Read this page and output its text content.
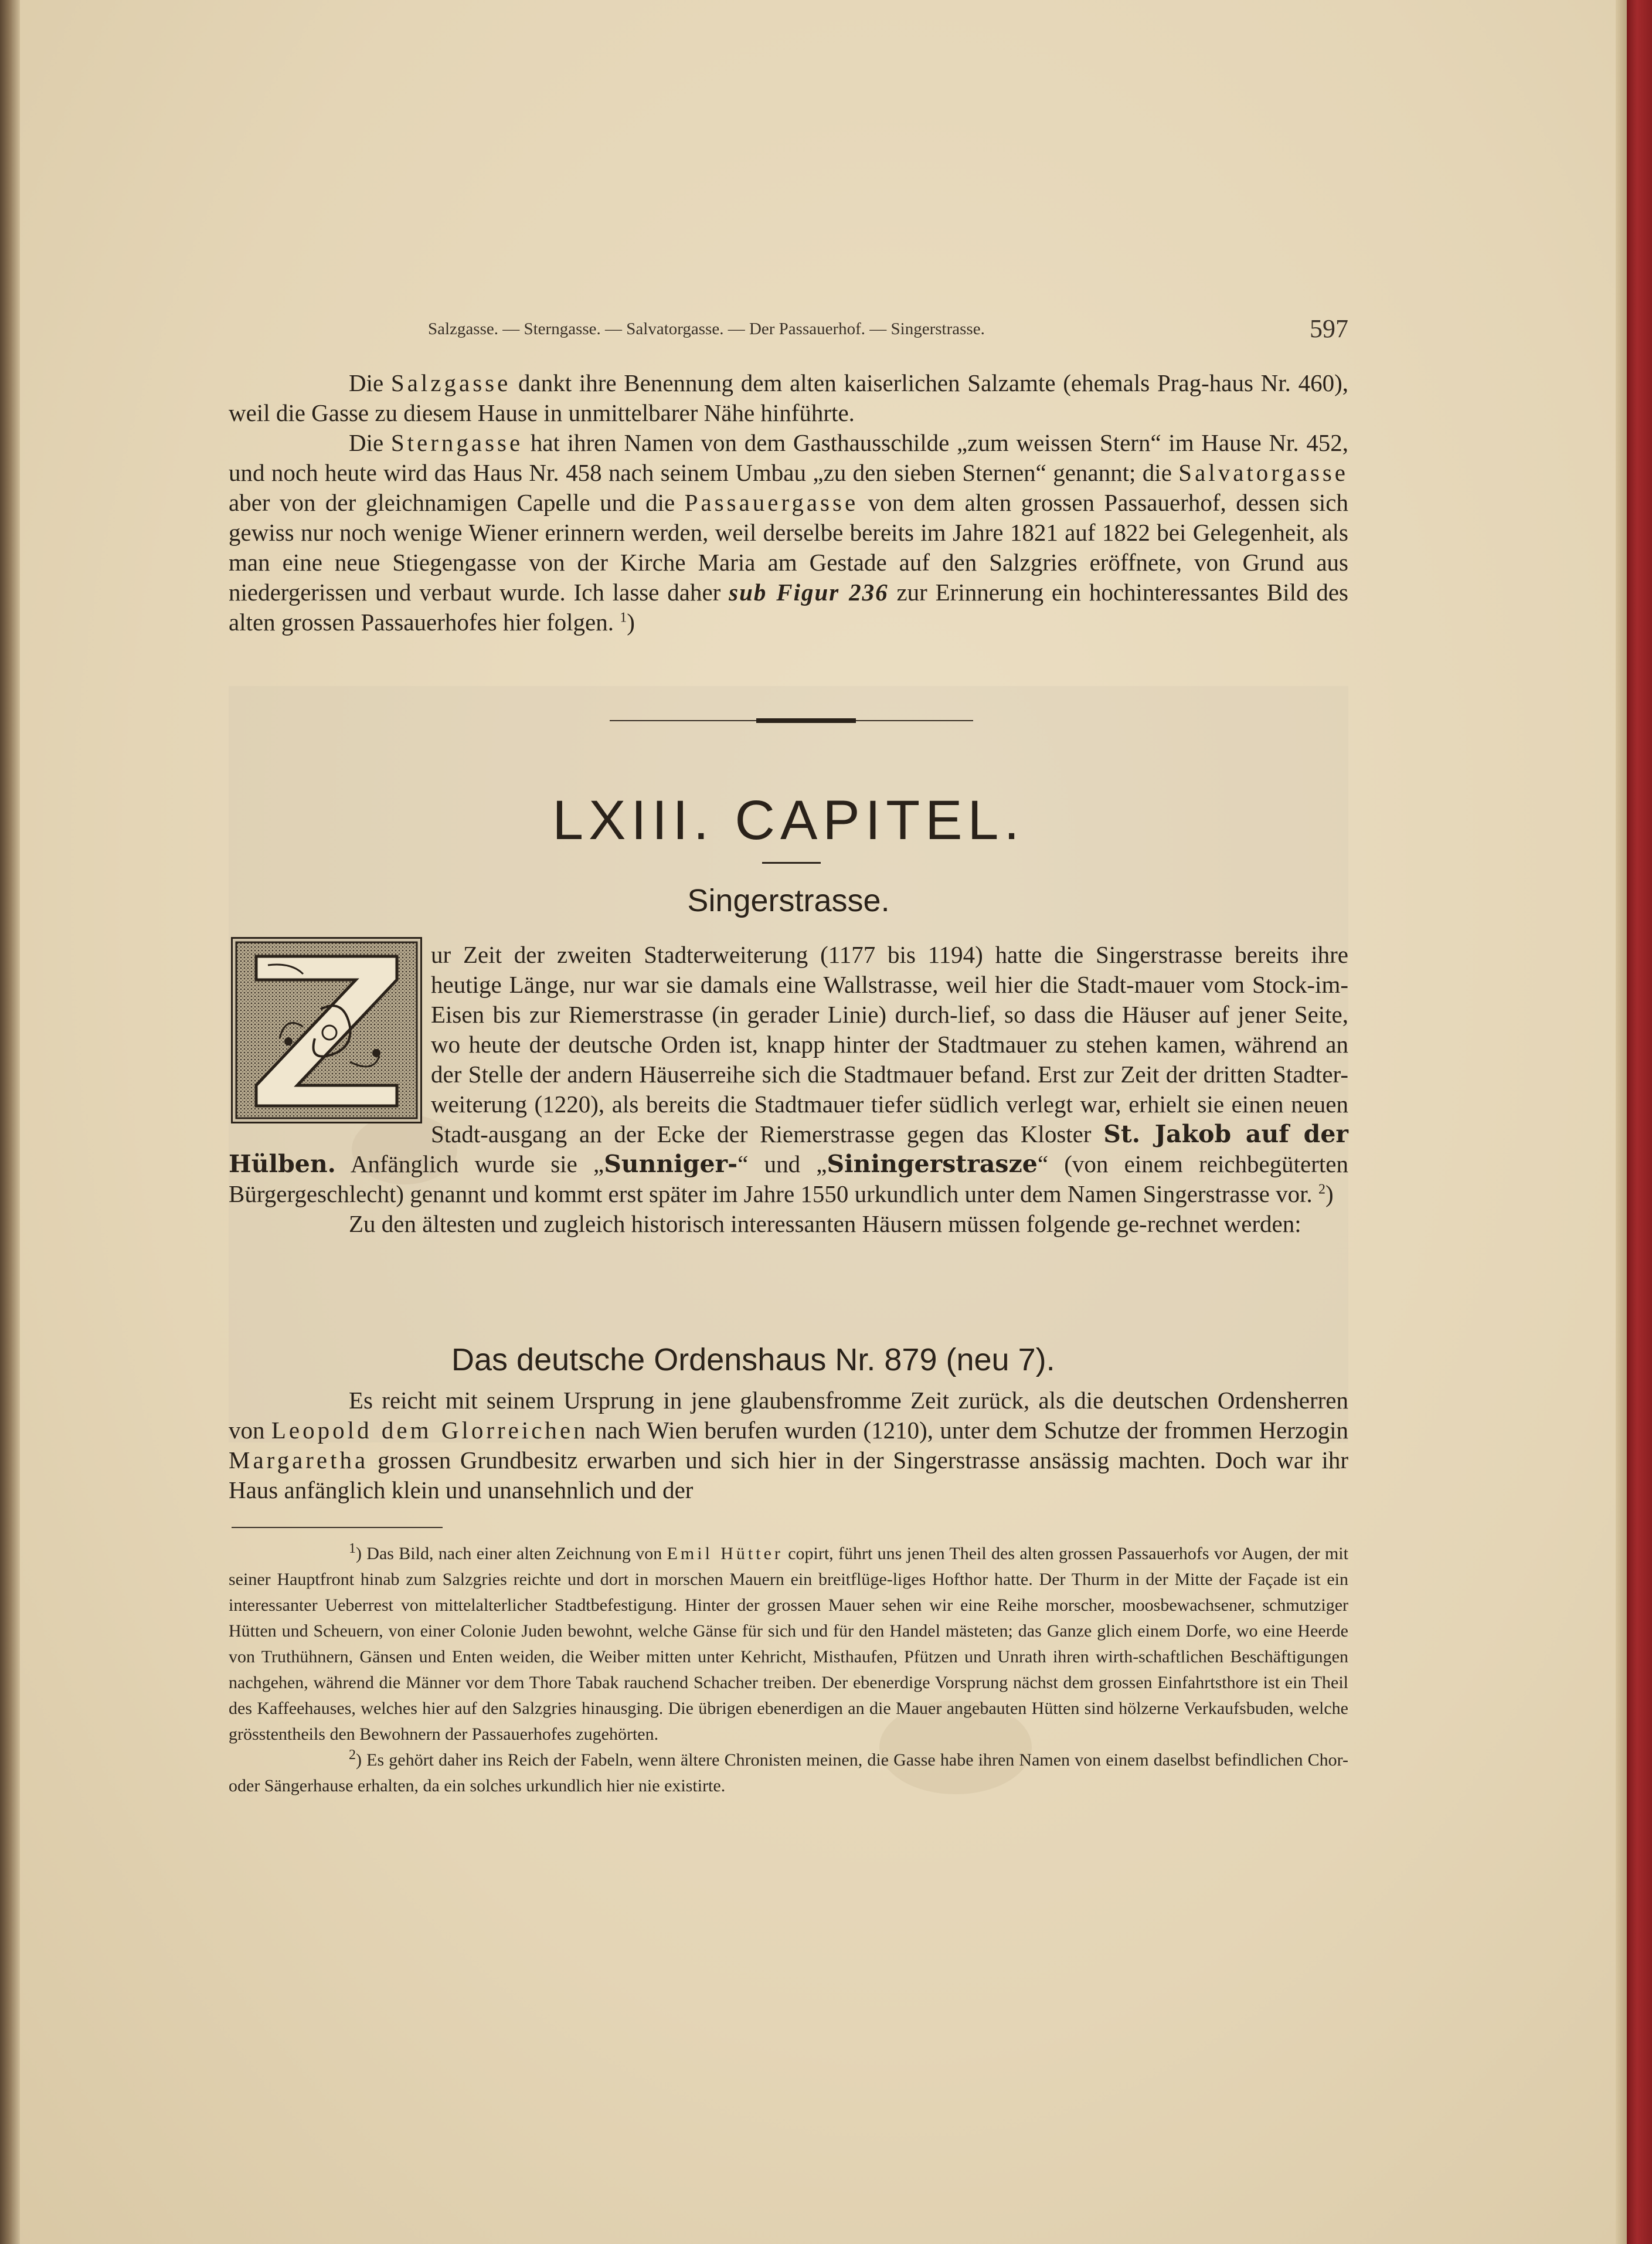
Salzgasse. — Sterngasse. — Salvatorgasse. — Der Passauerhof. — Singerstrasse.	597

Die Salzgasse dankt ihre Benennung dem alten kaiserlichen Salzamte (ehemals Prag-haus Nr. 460), weil die Gasse zu diesem Hause in unmittelbarer Nähe hinführte.

Die Sterngasse hat ihren Namen von dem Gasthausschilde „zum weissen Stern“ im Hause Nr. 452, und noch heute wird das Haus Nr. 458 nach seinem Umbau „zu den sieben Sternen“ genannt; die Salvatorgasse aber von der gleichnamigen Capelle und die Passauergasse von dem alten grossen Passauerhof, dessen sich gewiss nur noch wenige Wiener erinnern werden, weil derselbe bereits im Jahre 1821 auf 1822 bei Gelegenheit, als man eine neue Stiegengasse von der Kirche Maria am Gestade auf den Salzgries eröffnete, von Grund aus niedergerissen und verbaut wurde. Ich lasse daher sub Figur 236 zur Erinnerung ein hochinteressantes Bild des alten grossen Passauerhofes hier folgen. $^1$)

LXIII. CAPITEL.
Singerstrasse.

ur Zeit der zweiten Stadterweiterung (1177 bis 1194) hatte die Singerstrasse bereits ihre heutige Länge, nur war sie damals eine Wallstrasse, weil hier die Stadt-mauer vom Stock-im-Eisen bis zur Riemerstrasse (in gerader Linie) durch-lief, so dass die Häuser auf jener Seite, wo heute der deutsche Orden ist, knapp hinter der Stadtmauer zu stehen kamen, während an der Stelle der andern Häuserreihe sich die Stadtmauer befand. Erst zur Zeit der dritten Stadter-weiterung (1220), als bereits die Stadtmauer tiefer südlich verlegt war, erhielt sie einen neuen Stadt-ausgang an der Ecke der Riemerstrasse gegen das Kloster St. Jakob auf der Hülben. Anfänglich wurde sie „Sunniger-“ und „Siningerstrasze“ (von einem reichbegüterten Bürgergeschlecht) genannt und kommt erst später im Jahre 1550 urkundlich unter dem Namen Singerstrasse vor. $^2$)

Zu den ältesten und zugleich historisch interessanten Häusern müssen folgende ge-rechnet werden:

Das deutsche Ordenshaus Nr. 879 (neu 7).

Es reicht mit seinem Ursprung in jene glaubensfromme Zeit zurück, als die deutschen Ordensherren von Leopold dem Glorreichen nach Wien berufen wurden (1210), unter dem Schutze der frommen Herzogin Margaretha grossen Grundbesitz erwarben und sich hier in der Singerstrasse ansässig machten. Doch war ihr Haus anfänglich klein und unansehnlich und der

$^1$) Das Bild, nach einer alten Zeichnung von Emil Hütter copirt, führt uns jenen Theil des alten grossen Passauerhofs vor Augen, der mit seiner Hauptfront hinab zum Salzgries reichte und dort in morschen Mauern ein breitflüge-liges Hofthor hatte. Der Thurm in der Mitte der Façade ist ein interessanter Ueberrest von mittelalterlicher Stadtbefestigung. Hinter der grossen Mauer sehen wir eine Reihe morscher, moosbewachsener, schmutziger Hütten und Scheuern, von einer Colonie Juden bewohnt, welche Gänse für sich und für den Handel mästeten; das Ganze glich einem Dorfe, wo eine Heerde von Truthühnern, Gänsen und Enten weiden, die Weiber mitten unter Kehricht, Misthaufen, Pfützen und Unrath ihren wirth-schaftlichen Beschäftigungen nachgehen, während die Männer vor dem Thore Tabak rauchend Schacher treiben. Der ebenerdige Vorsprung nächst dem grossen Einfahrtsthore ist ein Theil des Kaffeehauses, welches hier auf den Salzgries hinausging. Die übrigen ebenerdigen an die Mauer angebauten Hütten sind hölzerne Verkaufsbuden, welche grösstentheils den Bewohnern der Passauerhofes zugehörten.

$^2$) Es gehört daher ins Reich der Fabeln, wenn ältere Chronisten meinen, die Gasse habe ihren Namen von einem daselbst befindlichen Chor- oder Sängerhause erhalten, da ein solches urkundlich hier nie existirte.
